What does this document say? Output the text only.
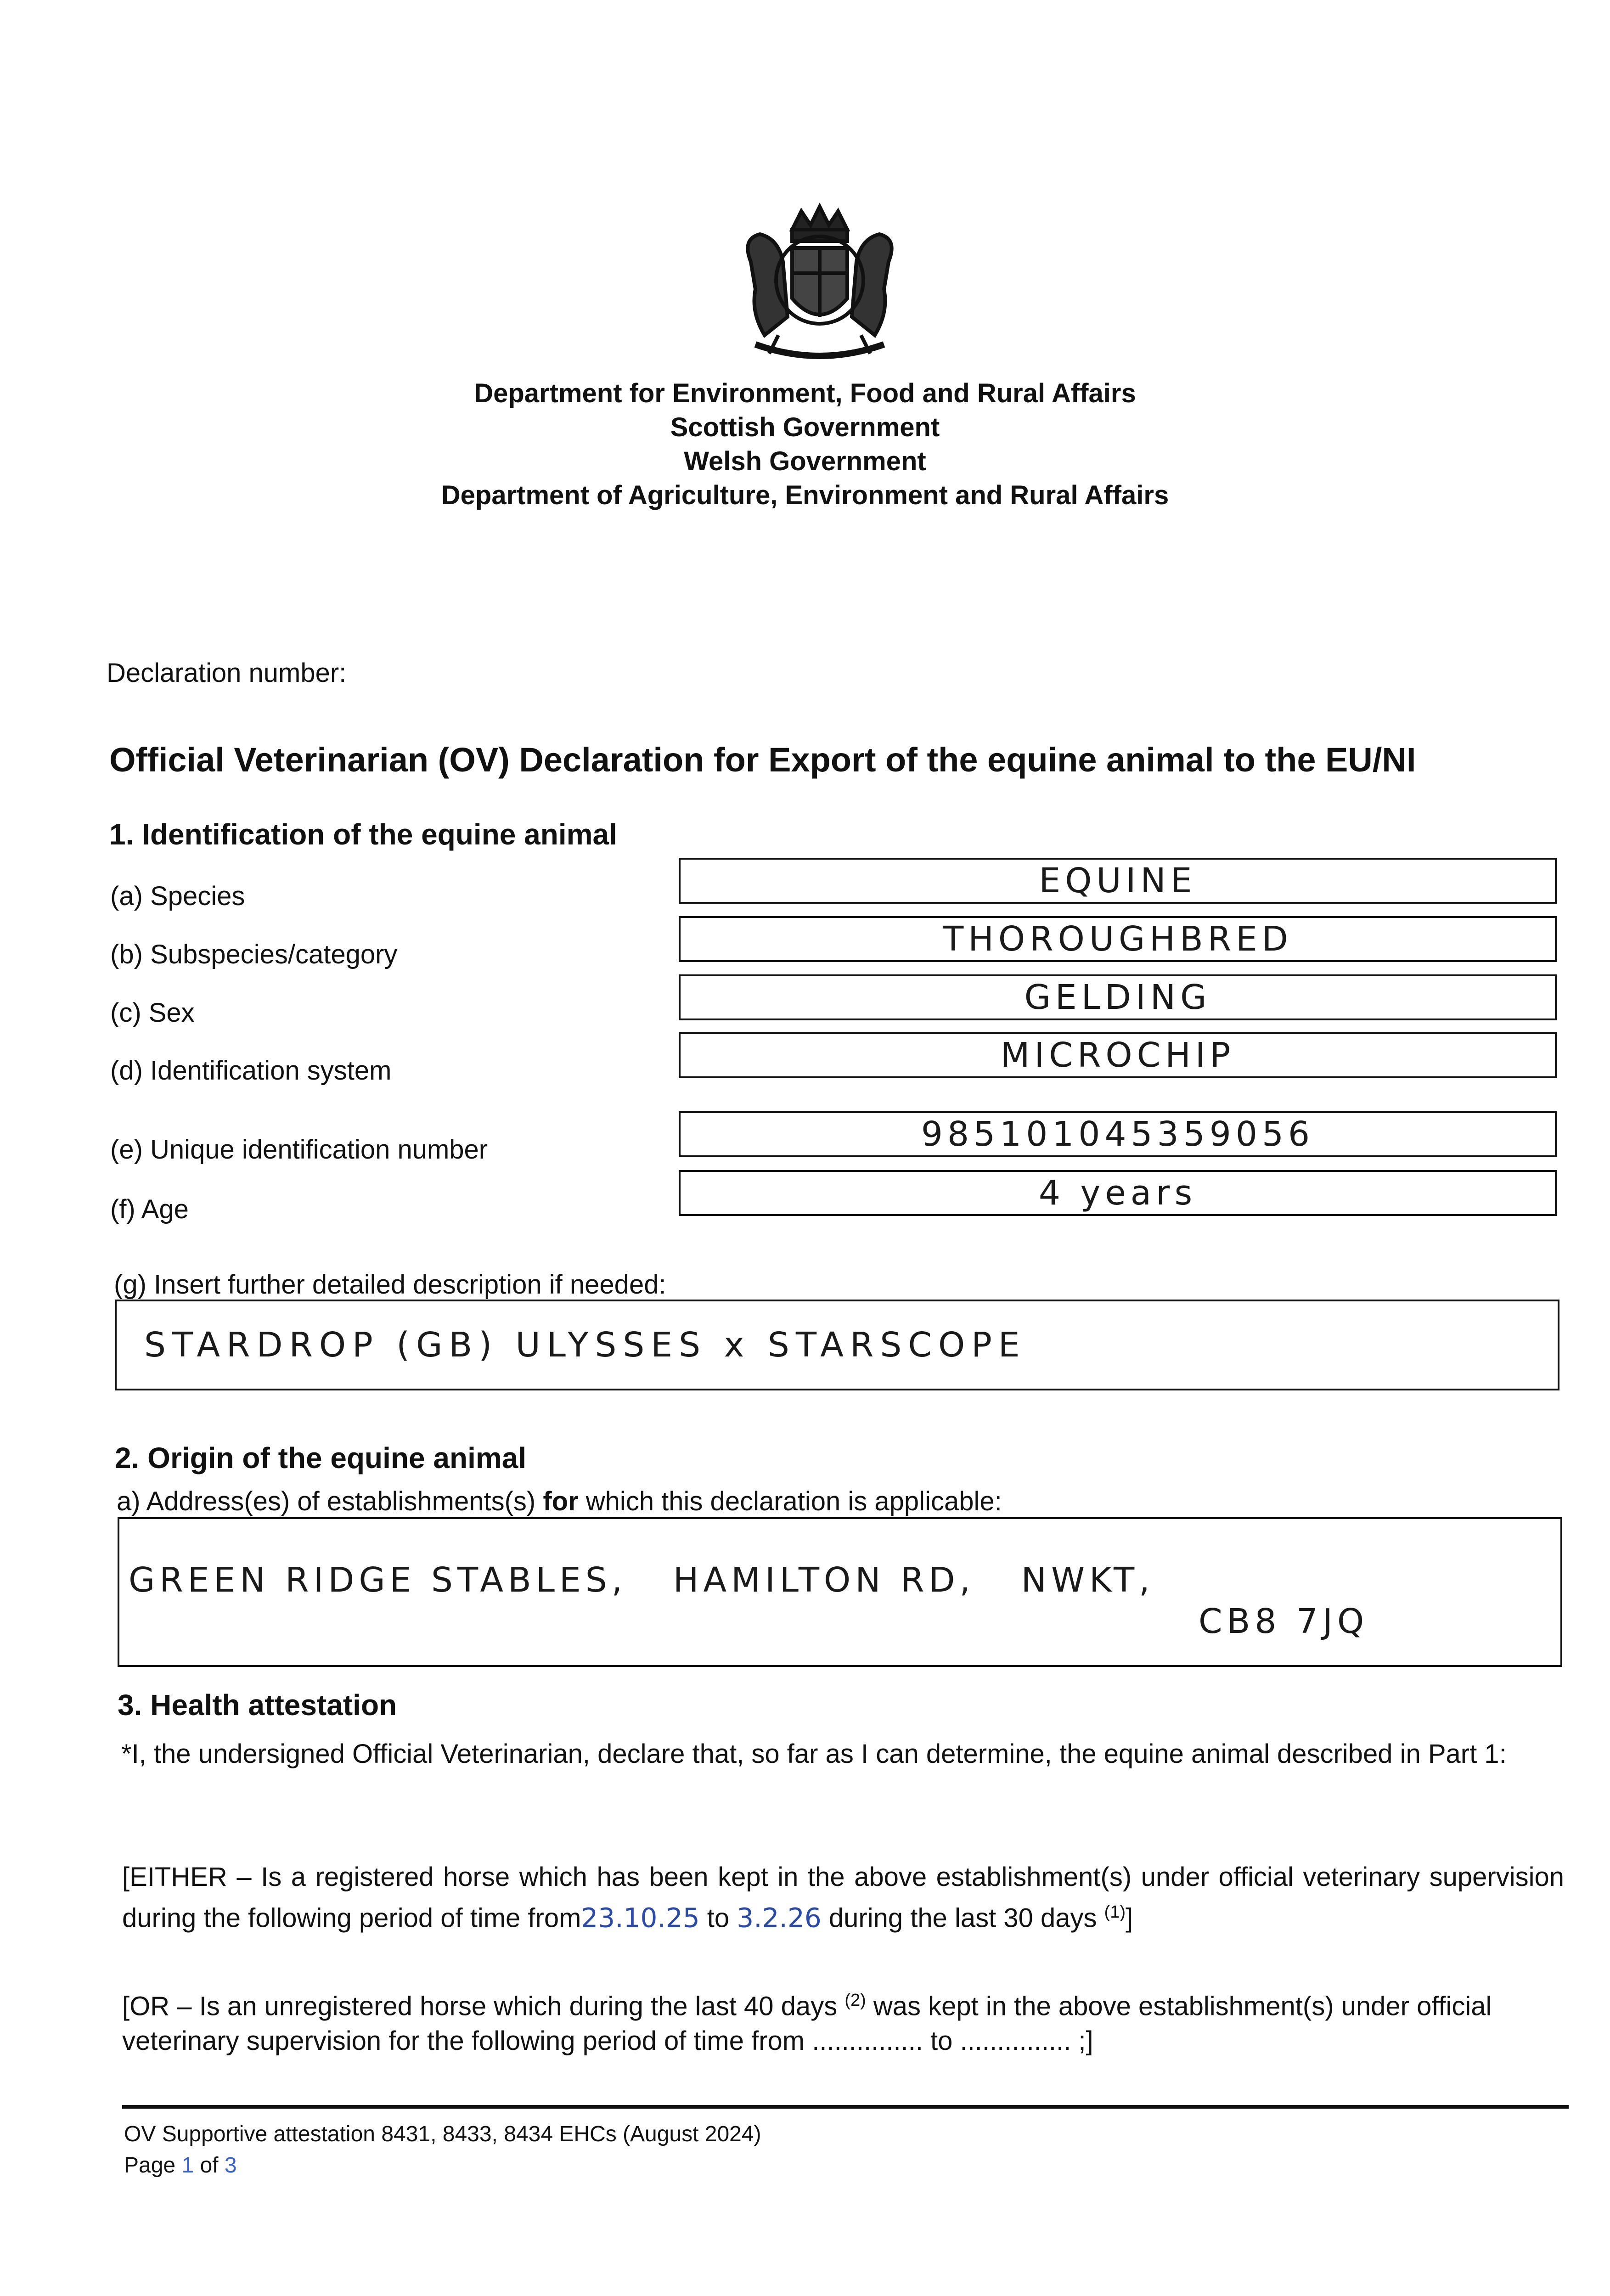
Department for Environment, Food and Rural Affairs
Scottish Government
Welsh Government
Department of Agriculture, Environment and Rural Affairs
Declaration number:
Official Veterinarian (OV) Declaration for Export of the equine animal to the EU/NI
1. Identification of the equine animal
(a) Species	EQUINE
(b) Subspecies/category	THOROUGHBRED
(c) Sex	GELDING
(d) Identification system	MICROCHIP
(e) Unique identification number	985101045359056
(f) Age	4 years
(g) Insert further detailed description if needed:
STARDROP (GB) ULYSSES x STARSCOPE
2. Origin of the equine animal
a) Address(es) of establishments(s) for which this declaration is applicable:
GREEN RIDGE STABLES,   HAMILTON RD,   NWKT,
CB8 7JQ
3. Health attestation
*I, the undersigned Official Veterinarian, declare that, so far as I can determine, the equine animal described in Part 1:
[EITHER – Is a registered horse which has been kept in the above establishment(s) under official veterinary supervision during the following period of time from23.10.25 to 3.2.26 during the last 30 days $^{(1)}$]
[OR – Is an unregistered horse which during the last 40 days $^{(2)}$ was kept in the above establishment(s) under official veterinary supervision for the following period of time from ............... to ............... ;]
OV Supportive attestation 8431, 8433, 8434 EHCs (August 2024)
Page 1 of 3
